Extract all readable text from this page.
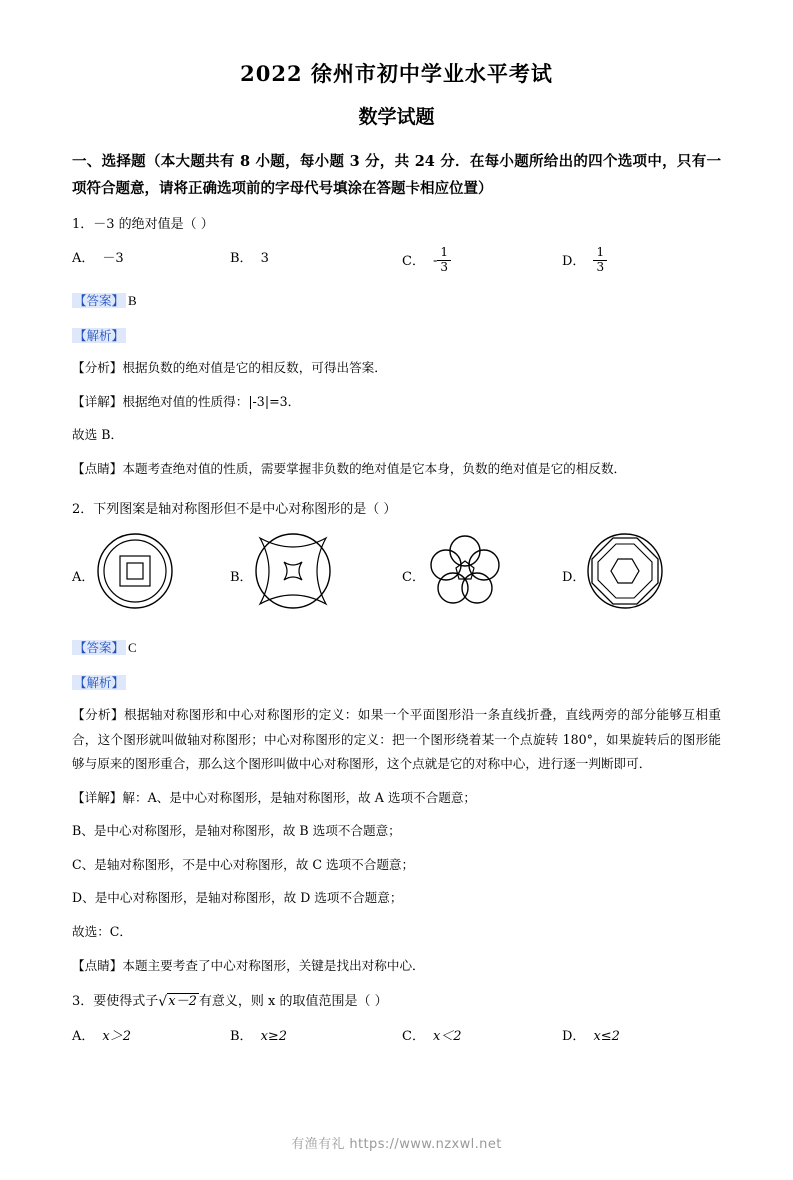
2022 徐州市初中学业水平考试
数学试题
一、选择题（本大题共有 8 小题，每小题 3 分，共 24 分．在每小题所给出的四个选项中，只有一项符合题意，请将正确选项前的字母代号填涂在答题卡相应位置）
1．－3 的绝对值是（ ）
A． －3	B． 3	C． - $\frac{1}{3}$	D． $\frac{1}{3}$
【答案】 B
【解析】
【分析】根据负数的绝对值是它的相反数，可得出答案．
【详解】根据绝对值的性质得：|-3|=3．
故选 B．
【点睛】本题考查绝对值的性质，需要掌握非负数的绝对值是它本身，负数的绝对值是它的相反数．
2．下列图案是轴对称图形但不是中心对称图形的是（ ）
A．	B．	C．	D．
【答案】 C
【解析】
【分析】根据轴对称图形和中心对称图形的定义：如果一个平面图形沿一条直线折叠，直线两旁的部分能够互相重合，这个图形就叫做轴对称图形；中心对称图形的定义：把一个图形绕着某一个点旋转 180°，如果旋转后的图形能够与原来的图形重合，那么这个图形叫做中心对称图形，这个点就是它的对称中心，进行逐一判断即可．
【详解】解：A、是中心对称图形，是轴对称图形，故 A 选项不合题意；
B、是中心对称图形，是轴对称图形，故 B 选项不合题意；
C、是轴对称图形，不是中心对称图形，故 C 选项不合题意；
D、是中心对称图形，是轴对称图形，故 D 选项不合题意；
故选：C．
【点睛】本题主要考查了中心对称图形，关键是找出对称中心．
3．要使得式子 √ x－2 有意义，则 x 的取值范围是（ ）
A． x＞2	B． x≥2	C． x＜2	D． x≤2
有渔有礼 https://www.nzxwl.net
